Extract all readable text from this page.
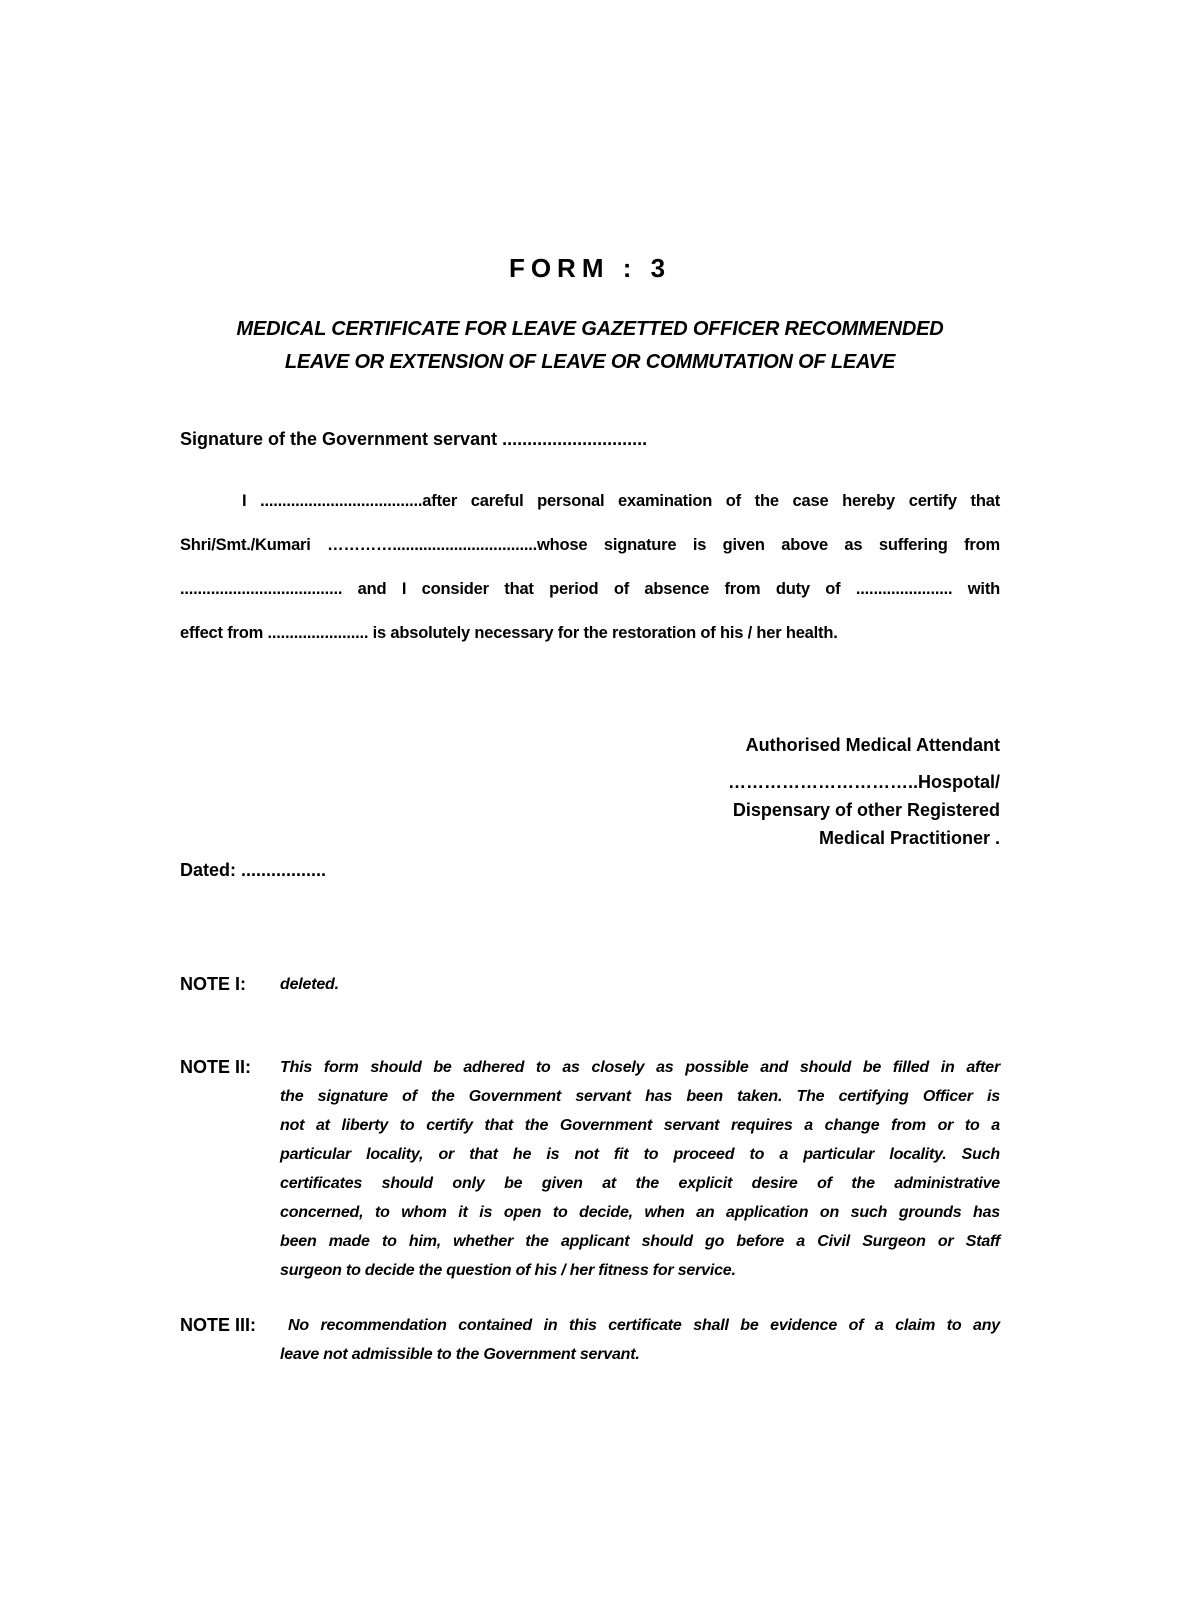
FORM : 3
MEDICAL CERTIFICATE FOR LEAVE GAZETTED OFFICER RECOMMENDED
LEAVE OR EXTENSION OF LEAVE OR COMMUTATION OF LEAVE
Signature of the Government servant .............................
I .....................................after careful personal examination of the case hereby certify that
Shri/Smt./Kumari ………….................................whose signature is given above as suffering from
..................................... and I consider that period of absence from duty of ...................... with
effect from ....................... is absolutely necessary for the restoration of his / her health.
Authorised Medical Attendant
…………………………..Hospotal/
Dispensary of other Registered
Medical Practitioner .
Dated: .................
NOTE I:	deleted.
NOTE II:	This form should be adhered to as closely as possible and should be filled in after
the signature of the Government servant has been taken. The certifying Officer is
not at liberty to certify that the Government servant requires a change from or to a
particular locality, or that he is not fit to proceed to a particular locality. Such
certificates should only be given at the explicit desire of the administrative
concerned, to whom it is open to decide, when an application on such grounds has
been made to him, whether the applicant should go before a Civil Surgeon or Staff
surgeon to decide the question of his / her fitness for service.
NOTE III:	No recommendation contained in this certificate shall be evidence of a claim to any
leave not admissible to the Government servant.
